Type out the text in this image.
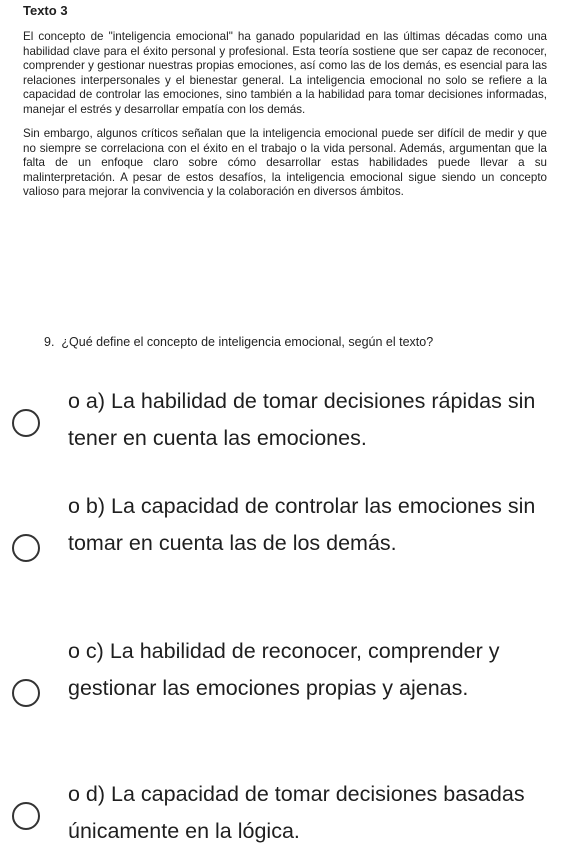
Texto 3

El concepto de "inteligencia emocional" ha ganado popularidad en las últimas décadas como una habilidad clave para el éxito personal y profesional. Esta teoría sostiene que ser capaz de reconocer, comprender y gestionar nuestras propias emociones, así como las de los demás, es esencial para las relaciones interpersonales y el bienestar general. La inteligencia emocional no solo se refiere a la capacidad de controlar las emociones, sino también a la habilidad para tomar decisiones informadas, manejar el estrés y desarrollar empatía con los demás.

Sin embargo, algunos críticos señalan que la inteligencia emocional puede ser difícil de medir y que no siempre se correlaciona con el éxito en el trabajo o la vida personal. Además, argumentan que la falta de un enfoque claro sobre cómo desarrollar estas habilidades puede llevar a su malinterpretación. A pesar de estos desafíos, la inteligencia emocional sigue siendo un concepto valioso para mejorar la convivencia y la colaboración en diversos ámbitos.

9. ¿Qué define el concepto de inteligencia emocional, según el texto?
o a) La habilidad de tomar decisiones rápidas sin tener en cuenta las emociones.
o b) La capacidad de controlar las emociones sin tomar en cuenta las de los demás.
o c) La habilidad de reconocer, comprender y gestionar las emociones propias y ajenas.
o d) La capacidad de tomar decisiones basadas únicamente en la lógica.
